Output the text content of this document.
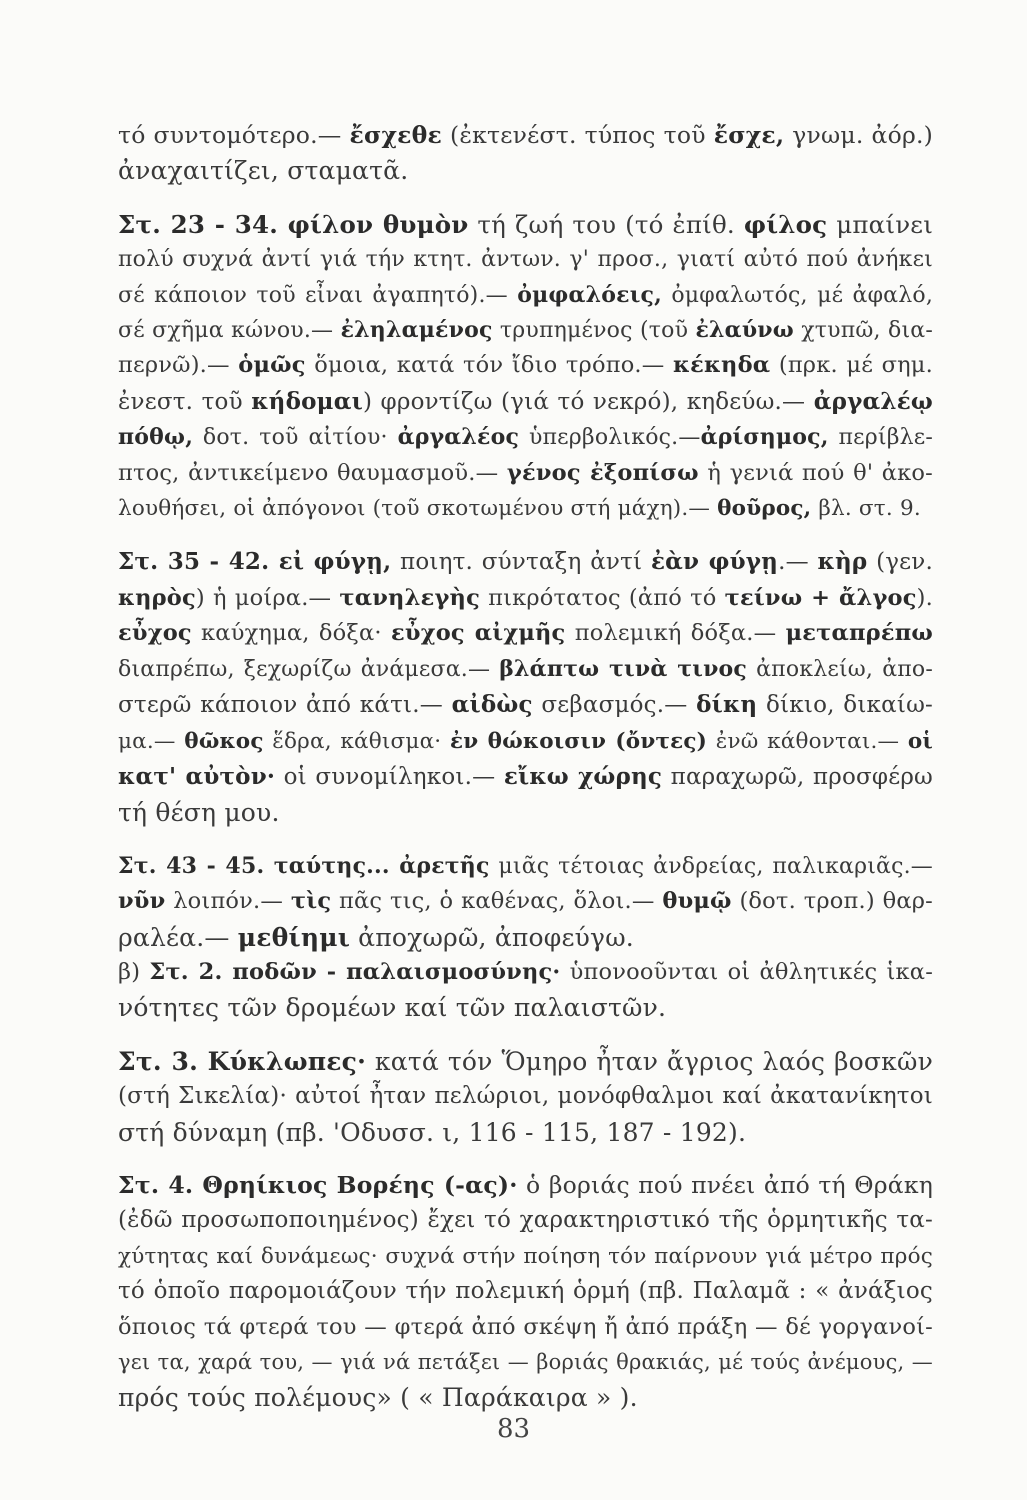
τό συντομότερο.— ἔσχεθε (ἐκτενέστ. τύπος τοῦ ἔσχε, γνωμ. ἀόρ.)
ἀναχαιτίζει, σταματᾶ.
Στ. 23 - 34. φίλον θυμὸν τή ζωή του (τό ἐπίθ. φίλος μπαίνει
πολύ συχνά ἀντί γιά τήν κτητ. ἀντων. γ' προσ., γιατί αὐτό πού ἀνήκει
σέ κάποιον τοῦ εἶναι ἀγαπητό).— ὀμφαλόεις, ὀμφαλωτός, μέ ἀφαλό,
σέ σχῆμα κώνου.— ἐληλαμένος τρυπημένος (τοῦ ἐλαύνω χτυπῶ, δια-
περνῶ).— ὁμῶς ὅμοια, κατά τόν ἴδιο τρόπο.— κέκηδα (πρκ. μέ σημ.
ἐνεστ. τοῦ κήδομαι) φροντίζω (γιά τό νεκρό), κηδεύω.— ἀργαλέῳ
πόθῳ, δοτ. τοῦ αἰτίου· ἀργαλέος ὑπερβολικός.—ἀρίσημος, περίβλε-
πτος, ἀντικείμενο θαυμασμοῦ.— γένος ἐξοπίσω ἡ γενιά πού θ' ἀκο-
λουθήσει, οἱ ἀπόγονοι (τοῦ σκοτωμένου στή μάχη).— θοῦρος, βλ. στ. 9.
Στ. 35 - 42. εἰ φύγῃ, ποιητ. σύνταξη ἀντί ἐὰν φύγῃ.— κὴρ (γεν.
κηρὸς) ἡ μοίρα.— τανηλεγὴς πικρότατος (ἀπό τό τείνω + ἄλγος).
εὖχος καύχημα, δόξα· εὖχος αἰχμῆς πολεμική δόξα.— μεταπρέπω
διαπρέπω, ξεχωρίζω ἀνάμεσα.— βλάπτω τινὰ τινος ἀποκλείω, ἀπο-
στερῶ κάποιον ἀπό κάτι.— αἰδὼς σεβασμός.— δίκη δίκιο, δικαίω-
μα.— θῶκος ἕδρα, κάθισμα· ἐν θώκοισιν (ὄντες) ἐνῶ κάθονται.— οἱ
κατ' αὐτὸν· οἱ συνομίληκοι.— εἴκω χώρης παραχωρῶ, προσφέρω
τή θέση μου.
Στ. 43 - 45. ταύτης... ἀρετῆς μιᾶς τέτοιας ἀνδρείας, παλικαριᾶς.—
νῦν λοιπόν.— τὶς πᾶς τις, ὁ καθένας, ὅλοι.— θυμῷ (δοτ. τροπ.) θαρ-
ραλέα.— μεθίημι ἀποχωρῶ, ἀποφεύγω.
β) Στ. 2. ποδῶν - παλαισμοσύνης· ὑπονοοῦνται οἱ ἀθλητικές ἱκα-
νότητες τῶν δρομέων καί τῶν παλαιστῶν.
Στ. 3. Κύκλωπες· κατά τόν Ὅμηρο ἦταν ἄγριος λαός βοσκῶν
(στή Σικελία)· αὐτοί ἦταν πελώριοι, μονόφθαλμοι καί ἀκατανίκητοι
στή δύναμη (πβ. 'Οδυσσ. ι, 116 - 115, 187 - 192).
Στ. 4. Θρηίκιος Βορέης (-ας)· ὁ βοριάς πού πνέει ἀπό τή Θράκη
(ἐδῶ προσωποποιημένος) ἔχει τό χαρακτηριστικό τῆς ὁρμητικῆς τα-
χύτητας καί δυνάμεως· συχνά στήν ποίηση τόν παίρνουν γιά μέτρο πρός
τό ὁποῖο παρομοιάζουν τήν πολεμική ὁρμή (πβ. Παλαμᾶ : « ἀνάξιος
ὅποιος τά φτερά του — φτερά ἀπό σκέψη ἤ ἀπό πράξη — δέ γοργανοί-
γει τα, χαρά του, — γιά νά πετάξει — βοριάς θρακιάς, μέ τούς ἀνέμους, —
πρός τούς πολέμους» ( « Παράκαιρα » ).
83
